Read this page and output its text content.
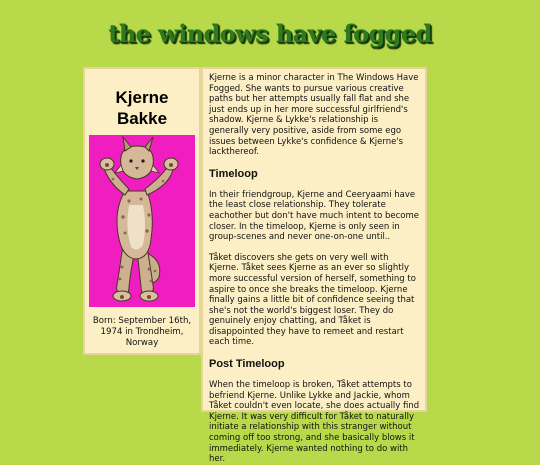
the windows have fogged
Kjerne
Bakke
Born: September 16th, 1974 in Trondheim, Norway

Kjerne is a minor character in The Windows Have Fogged. She wants to pursue various creative paths but her attempts usually fall flat and she just ends up in her more successful girlfriend's shadow. Kjerne & Lykke's relationship is generally very positive, aside from some ego issues between Lykke's confidence & Kjerne's lackthereof.

Timeloop

In their friendgroup, Kjerne and Ceeryaami have the least close relationship. They tolerate eachother but don't have much intent to become closer. In the timeloop, Kjerne is only seen in group-scenes and never one-on-one until..

Tåket discovers she gets on very well with Kjerne. Tåket sees Kjerne as an ever so slightly more successful version of herself, something to aspire to once she breaks the timeloop. Kjerne finally gains a little bit of confidence seeing that she's not the world's biggest loser. They do genuinely enjoy chatting, and Tåket is disappointed they have to remeet and restart each time.

Post Timeloop

When the timeloop is broken, Tåket attempts to befriend Kjerne. Unlike Lykke and Jackie, whom Tåket couldn't even locate, she does actually find Kjerne. It was very difficult for Tåket to naturally initiate a relationship with this stranger without coming off too strong, and she basically blows it immediately. Kjerne wanted nothing to do with her.
